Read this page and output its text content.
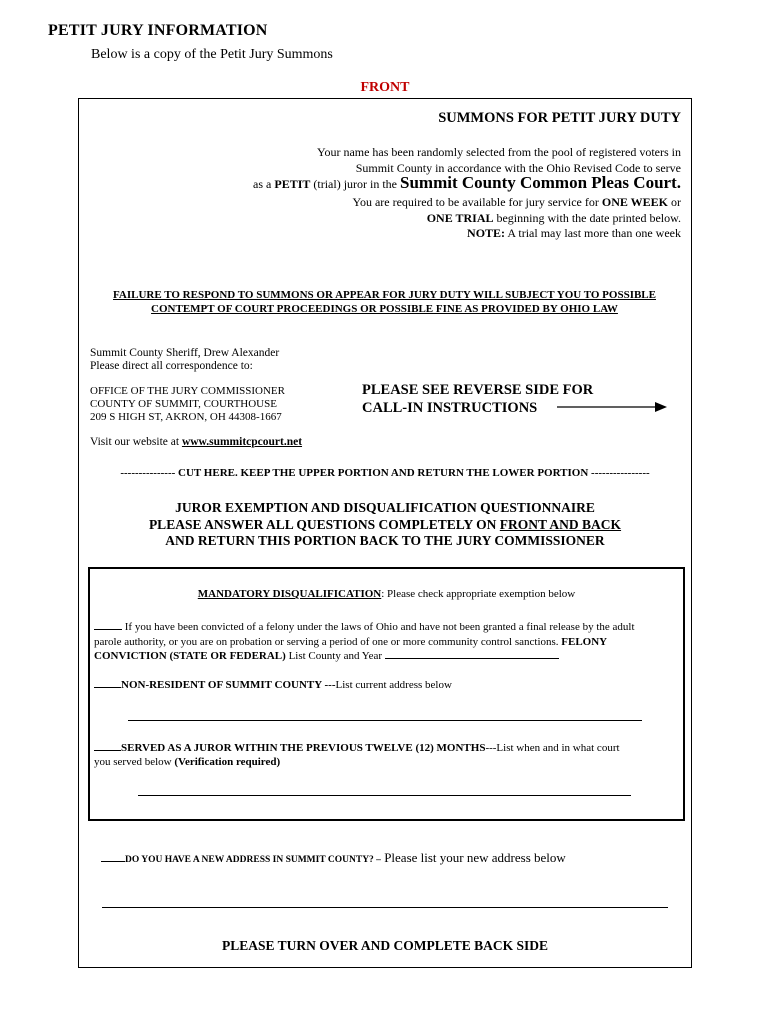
PETIT JURY INFORMATION
Below is a copy of the Petit Jury Summons
FRONT
SUMMONS FOR PETIT JURY DUTY
Your name has been randomly selected from the pool of registered voters in
Summit County in accordance with the Ohio Revised Code to serve
as a PETIT (trial) juror in the Summit County Common Pleas Court.
You are required to be available for jury service for ONE WEEK or
ONE TRIAL beginning with the date printed below.
NOTE: A trial may last more than one week
FAILURE TO RESPOND TO SUMMONS OR APPEAR FOR JURY DUTY WILL SUBJECT YOU TO POSSIBLE
CONTEMPT OF COURT PROCEEDINGS OR POSSIBLE FINE AS PROVIDED BY OHIO LAW
Summit County Sheriff, Drew Alexander
Please direct all correspondence to:
OFFICE OF THE JURY COMMISSIONER
COUNTY OF SUMMIT, COURTHOUSE
209 S HIGH ST, AKRON, OH 44308-1667
PLEASE SEE REVERSE SIDE FOR
CALL-IN INSTRUCTIONS
Visit our website at www.summitcpcourt.net
--------------- CUT HERE. KEEP THE UPPER PORTION AND RETURN THE LOWER PORTION ----------------
JUROR EXEMPTION AND DISQUALIFICATION QUESTIONNAIRE
PLEASE ANSWER ALL QUESTIONS COMPLETELY ON FRONT AND BACK
AND RETURN THIS PORTION BACK TO THE JURY COMMISSIONER
MANDATORY DISQUALIFICATION: Please check appropriate exemption below
If you have been convicted of a felony under the laws of Ohio and have not been granted a final release by the adult parole authority, or you are on probation or serving a period of one or more community control sanctions. FELONY CONVICTION (STATE OR FEDERAL) List County and Year
NON-RESIDENT OF SUMMIT COUNTY ---List current address below
SERVED AS A JUROR WITHIN THE PREVIOUS TWELVE (12) MONTHS---List when and in what court
you served below (Verification required)
DO YOU HAVE A NEW ADDRESS IN SUMMIT COUNTY? – Please list your new address below
PLEASE TURN OVER AND COMPLETE BACK SIDE
